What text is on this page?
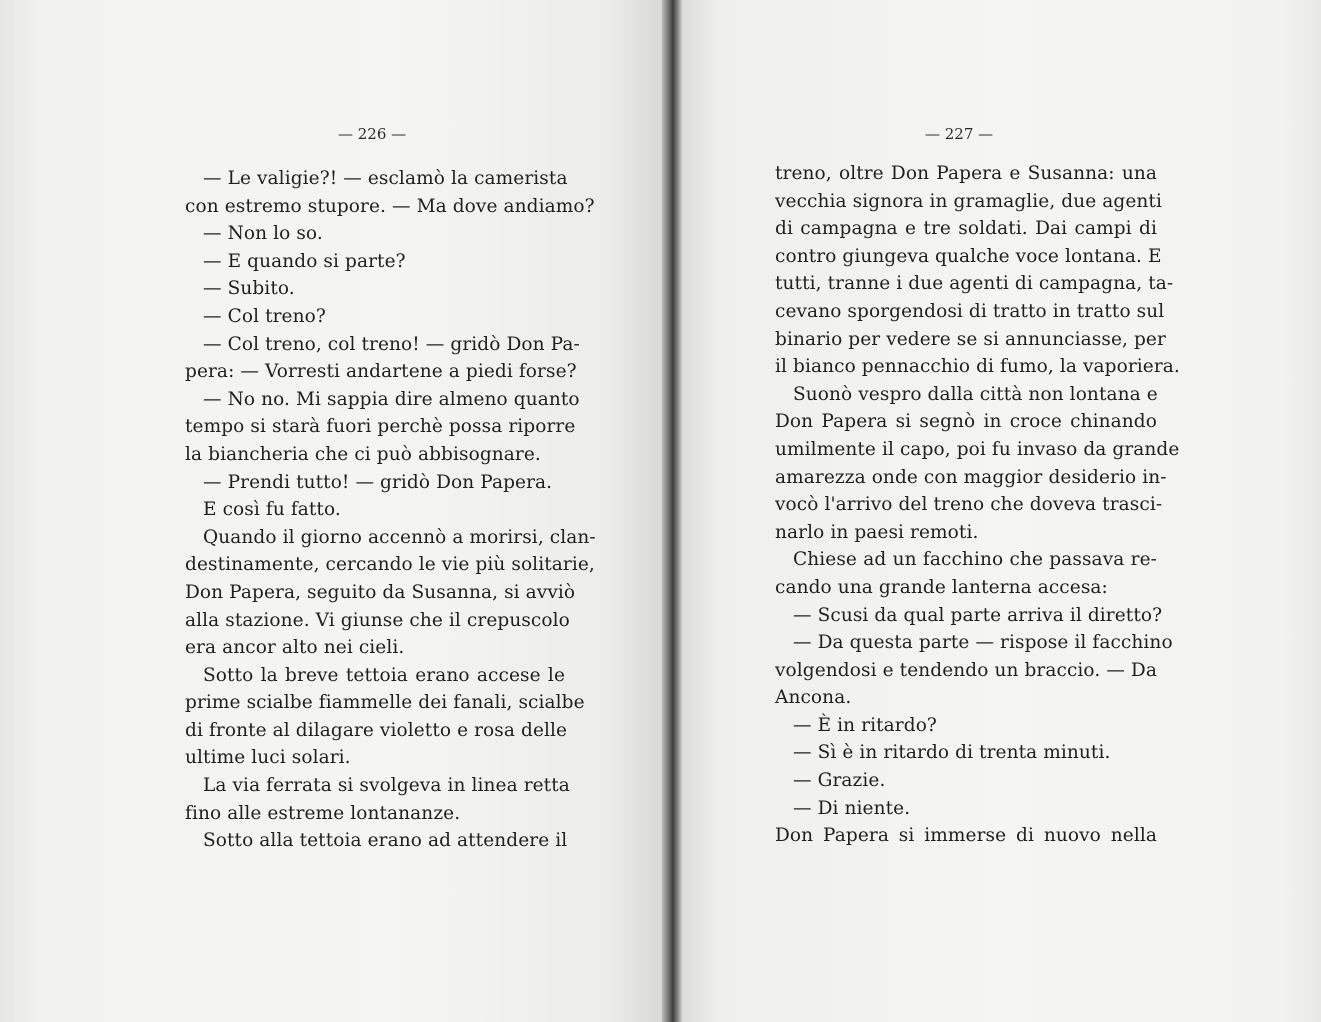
— 226 —
— Le valigie?! — esclamò la camerista
con estremo stupore. — Ma dove andiamo?
— Non lo so.
— E quando si parte?
— Subito.
— Col treno?
— Col treno, col treno! — gridò Don Pa-
pera: — Vorresti andartene a piedi forse?
— No no. Mi sappia dire almeno quanto
tempo si starà fuori perchè possa riporre
la biancheria che ci può abbisognare.
— Prendi tutto! — gridò Don Papera.
E così fu fatto.
Quando il giorno accennò a morirsi, clan-
destinamente, cercando le vie più solitarie,
Don Papera, seguito da Susanna, si avviò
alla stazione. Vi giunse che il crepuscolo
era ancor alto nei cieli.
Sotto la breve tettoia erano accese le
prime scialbe fiammelle dei fanali, scialbe
di fronte al dilagare violetto e rosa delle
ultime luci solari.
La via ferrata si svolgeva in linea retta
fino alle estreme lontananze.
Sotto alla tettoia erano ad attendere il
— 227 —
treno, oltre Don Papera e Susanna: una
vecchia signora in gramaglie, due agenti
di campagna e tre soldati. Dai campi di
contro giungeva qualche voce lontana. E
tutti, tranne i due agenti di campagna, ta-
cevano sporgendosi di tratto in tratto sul
binario per vedere se si annunciasse, per
il bianco pennacchio di fumo, la vaporiera.
Suonò vespro dalla città non lontana e
Don Papera si segnò in croce chinando
umilmente il capo, poi fu invaso da grande
amarezza onde con maggior desiderio in-
vocò l'arrivo del treno che doveva trasci-
narlo in paesi remoti.
Chiese ad un facchino che passava re-
cando una grande lanterna accesa:
— Scusi da qual parte arriva il diretto?
— Da questa parte — rispose il facchino
volgendosi e tendendo un braccio. — Da
Ancona.
— È in ritardo?
— Sì è in ritardo di trenta minuti.
— Grazie.
— Di niente.
Don Papera si immerse di nuovo nella
